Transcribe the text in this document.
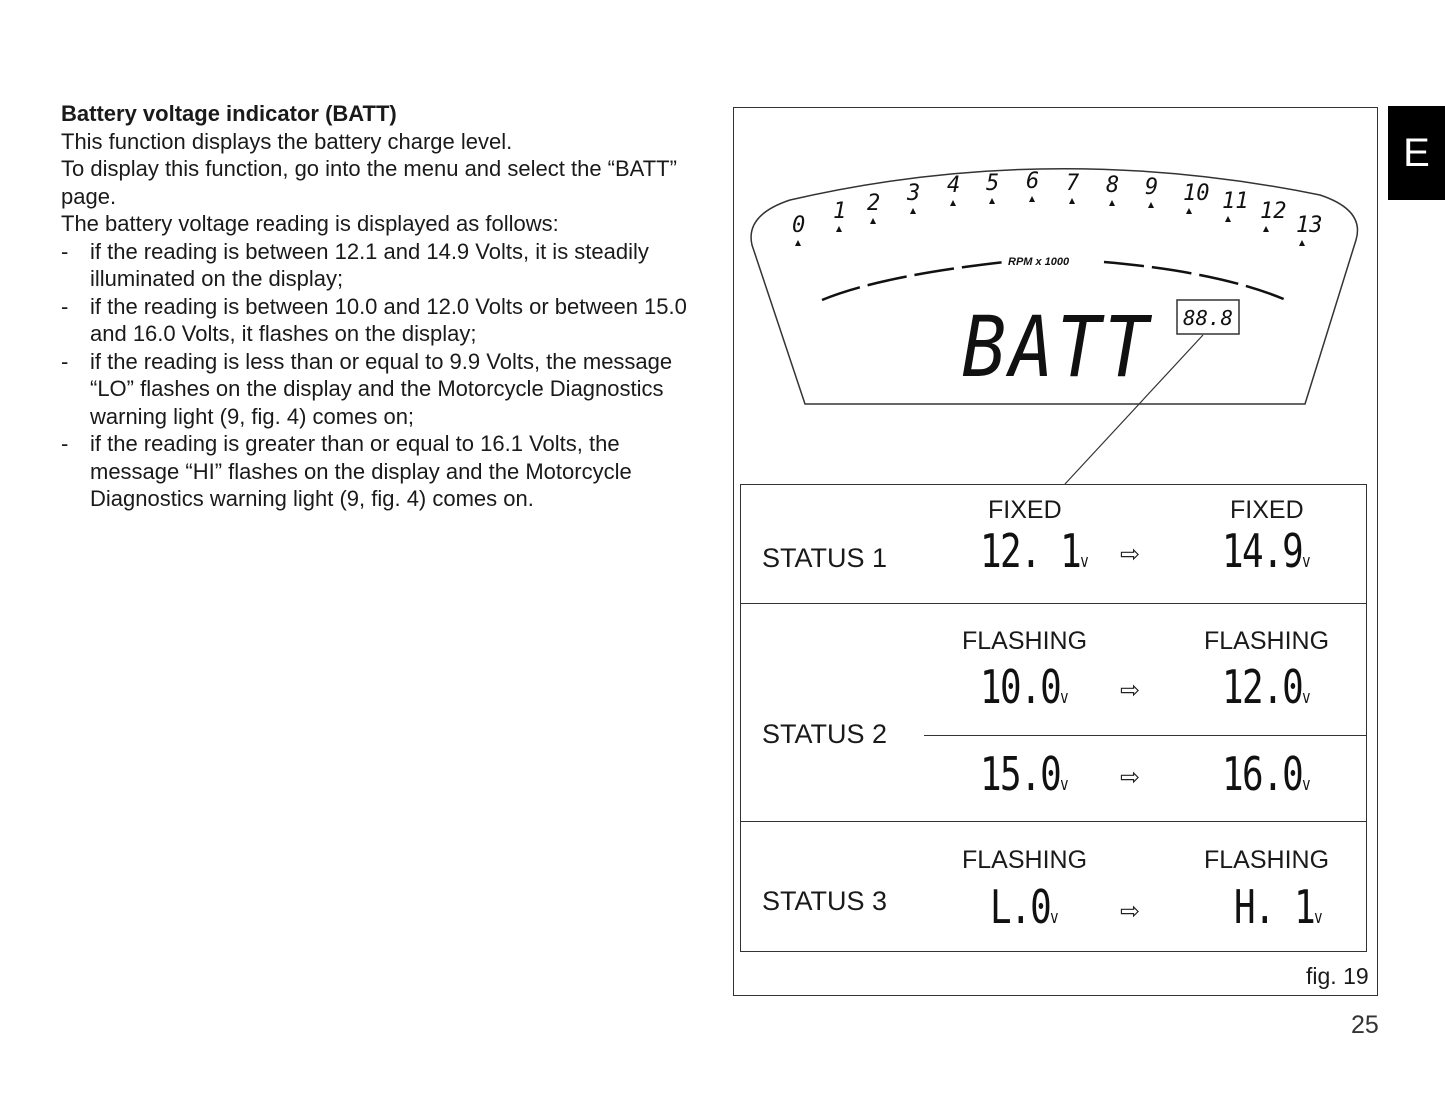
Battery voltage indicator (BATT)

This function displays the battery charge level.

To display this function, go into the menu and select the “BATT” page.

The battery voltage reading is displayed as follows:

- if the reading is between 12.1 and 14.9 Volts, it is steadily illuminated on the display;
- if the reading is between 10.0 and 12.0 Volts or between 15.0 and 16.0 Volts, it flashes on the display;
- if the reading is less than or equal to 9.9 Volts, the message “LO” flashes on the display and the Motorcycle Diagnostics warning light (9, fig. 4) comes on;
- if the reading is greater than or equal to 16.1 Volts, the message “HI” flashes on the display and the Motorcycle Diagnostics warning light (9, fig. 4) comes on.
0
1 2 3 4 5 6 7 8 9 10 11 12
13
RPM x 1000
BATT 88.8
FIXED	FIXED
STATUS 1 12. 1v ⇨ 14.9v
FLASHING	FLASHING
STATUS 2
10.0v ⇨ 12.0v
15.0v ⇨ 16.0v
FLASHING	FLASHING
STATUS 3 L.0v	⇨ H. 1v
fig. 19
25
E
